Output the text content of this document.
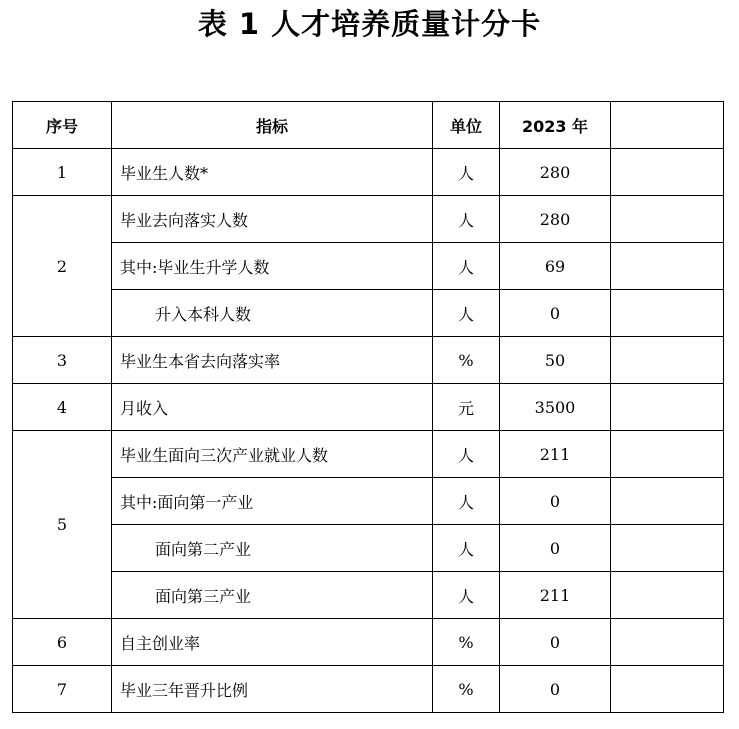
表 1 人才培养质量计分卡
序号	指标	单位	2023 年	
1	毕业生人数*	人	280	
2	毕业去向落实人数	人	280	
	其中:毕业生升学人数	人	69	
	升入本科人数	人	0	
3	毕业生本省去向落实率	%	50	
4	月收入	元	3500	
5	毕业生面向三次产业就业人数	人	211	
	其中:面向第一产业	人	0	
	面向第二产业	人	0	
	面向第三产业	人	211	
6	自主创业率	%	0	
7	毕业三年晋升比例	%	0	
